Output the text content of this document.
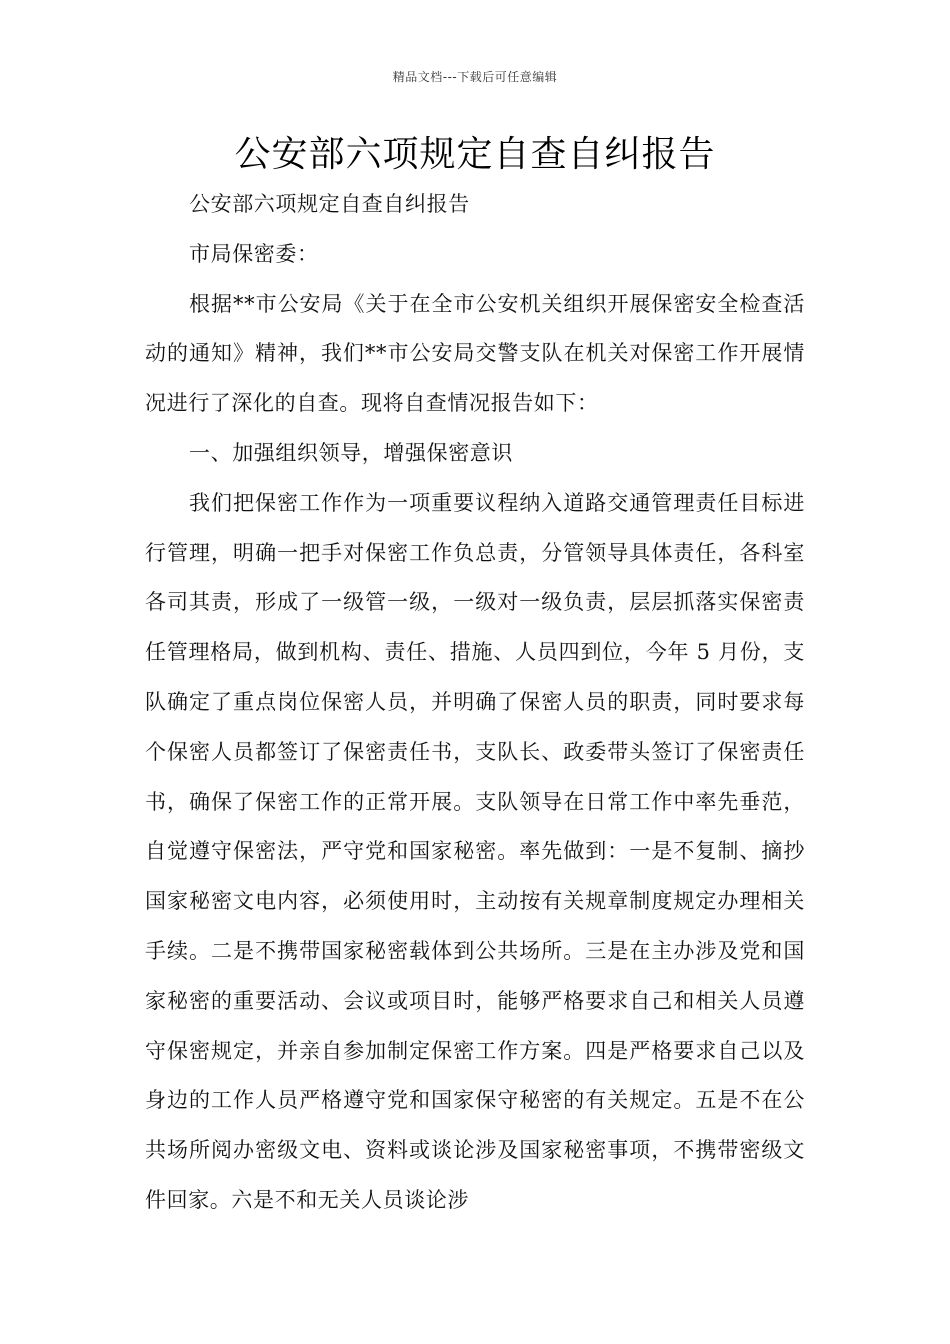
精品文档---下载后可任意编辑
公安部六项规定自查自纠报告

公安部六项规定自查自纠报告

市局保密委：

根据**市公安局《关于在全市公安机关组织开展保密安全检查活动的通知》精神，我们**市公安局交警支队在机关对保密工作开展情况进行了深化的自查。现将自查情况报告如下：

一、加强组织领导，增强保密意识

我们把保密工作作为一项重要议程纳入道路交通管理责任目标进行管理，明确一把手对保密工作负总责，分管领导具体责任，各科室各司其责，形成了一级管一级，一级对一级负责，层层抓落实保密责任管理格局，做到机构、责任、措施、人员四到位，今年 5 月份，支队确定了重点岗位保密人员，并明确了保密人员的职责，同时要求每个保密人员都签订了保密责任书，支队长、政委带头签订了保密责任书，确保了保密工作的正常开展。支队领导在日常工作中率先垂范，自觉遵守保密法，严守党和国家秘密。率先做到：一是不复制、摘抄国家秘密文电内容，必须使用时，主动按有关规章制度规定办理相关手续。二是不携带国家秘密载体到公共场所。三是在主办涉及党和国家秘密的重要活动、会议或项目时，能够严格要求自己和相关人员遵守保密规定，并亲自参加制定保密工作方案。四是严格要求自己以及身边的工作人员严格遵守党和国家保守秘密的有关规定。五是不在公共场所阅办密级文电、资料或谈论涉及国家秘密事项，不携带密级文件回家。六是不和无关人员谈论涉
